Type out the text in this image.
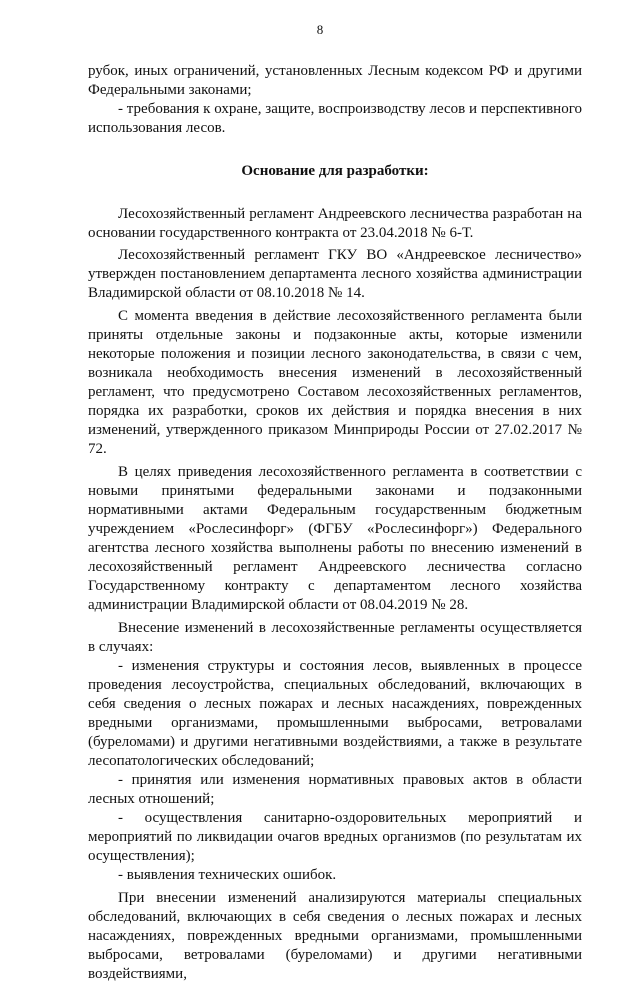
8

рубок, иных ограничений, установленных Лесным кодексом РФ и другими Федеральными законами;

- требования к охране, защите, воспроизводству лесов и перспективного использования лесов.

Основание для разработки:

Лесохозяйственный регламент Андреевского лесничества разработан на основании государственного контракта от 23.04.2018 № 6-Т.

Лесохозяйственный регламент ГКУ ВО «Андреевское лесничество» утвержден постановлением департамента лесного хозяйства администрации Владимирской области от 08.10.2018 № 14.

С момента введения в действие лесохозяйственного регламента были приняты отдельные законы и подзаконные акты, которые изменили некоторые положения и позиции лесного законодательства, в связи с чем, возникала необходимость внесения изменений в лесохозяйственный регламент, что предусмотрено Составом лесохозяйственных регламентов, порядка их разработки, сроков их действия и порядка внесения в них изменений, утвержденного приказом Минприроды России от 27.02.2017 № 72.

В целях приведения лесохозяйственного регламента в соответствии с новыми принятыми федеральными законами и подзаконными нормативными актами Федеральным государственным бюджетным учреждением «Рослесинфорг» (ФГБУ «Рослесинфорг») Федерального агентства лесного хозяйства выполнены работы по внесению изменений в лесохозяйственный регламент Андреевского лесничества согласно Государственному контракту с департаментом лесного хозяйства администрации Владимирской области от 08.04.2019 № 28.

Внесение изменений в лесохозяйственные регламенты осуществляется в случаях:

- изменения структуры и состояния лесов, выявленных в процессе проведения лесоустройства, специальных обследований, включающих в себя сведения о лесных пожарах и лесных насаждениях, поврежденных вредными организмами, промышленными выбросами, ветровалами (буреломами) и другими негативными воздействиями, а также в результате лесопатологических обследований;

- принятия или изменения нормативных правовых актов в области лесных отношений;

- осуществления санитарно-оздоровительных мероприятий и мероприятий по ликвидации очагов вредных организмов (по результатам их осуществления);

- выявления технических ошибок.

При внесении изменений анализируются материалы специальных обследований, включающих в себя сведения о лесных пожарах и лесных насаждениях, поврежденных вредными организмами, промышленными выбросами, ветровалами (буреломами) и другими негативными воздействиями,
